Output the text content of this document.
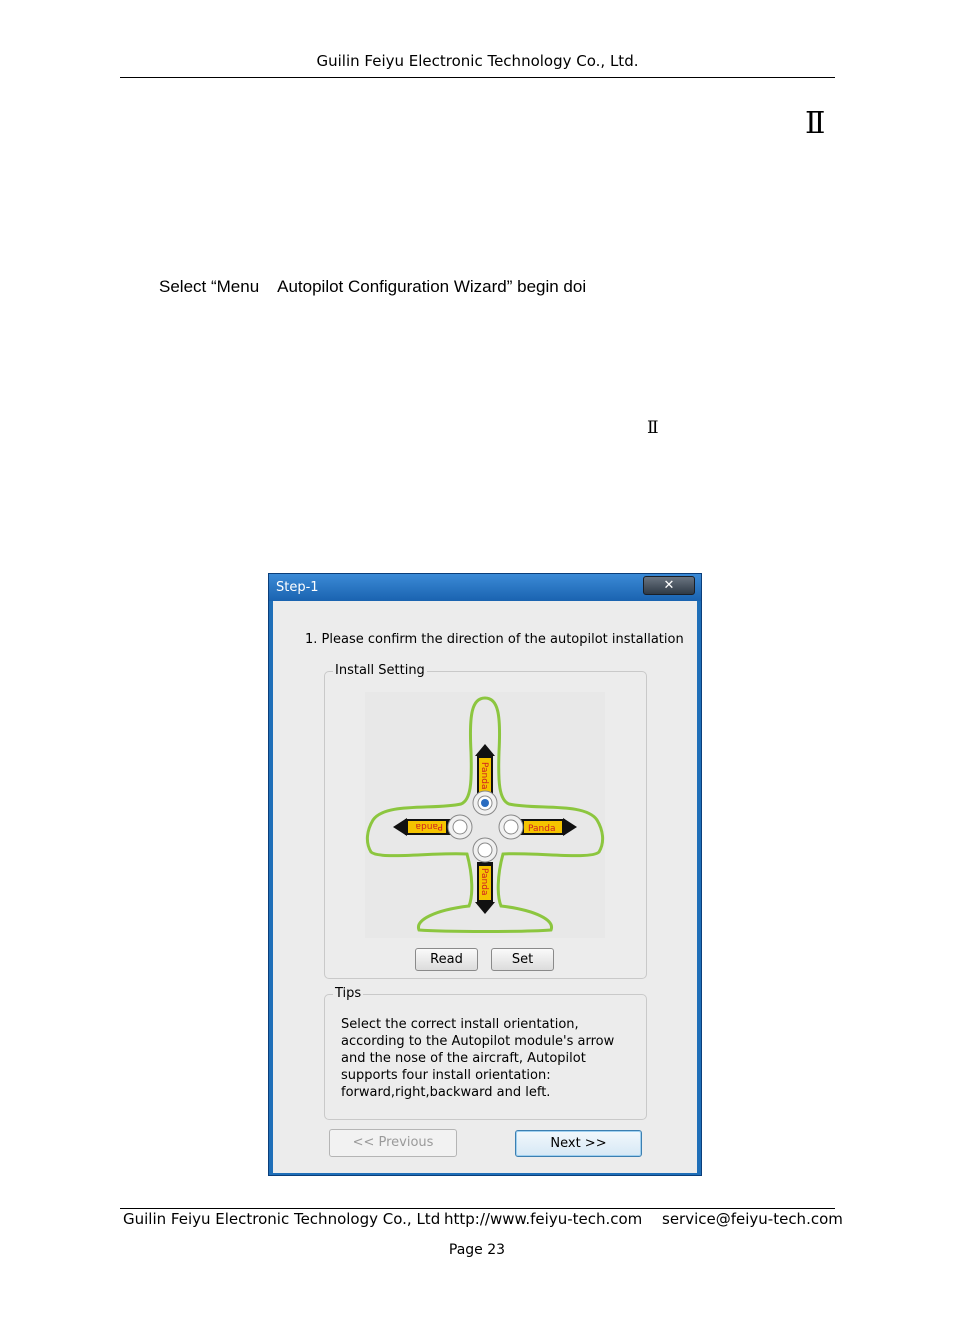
Guilin Feiyu Electronic Technology Co., Ltd.
Ⅱ
Select “Menu    Autopilot Configuration Wizard” begin doi
Ⅱ
Step-1	✕
1. Please confirm the direction of the autopilot installation
Install Setting
Panda
Panda
Panda	Panda
Read	Set
Tips
Select the correct install orientation, according to the Autopilot module's arrow and the nose of the aircraft, Autopilot supports four install orientation: forward,right,backward and left.
<< Previous	Next >>
Guilin Feiyu Electronic Technology Co., Ltd http://www.feiyu-tech.com service@feiyu-tech.com
Page 23
